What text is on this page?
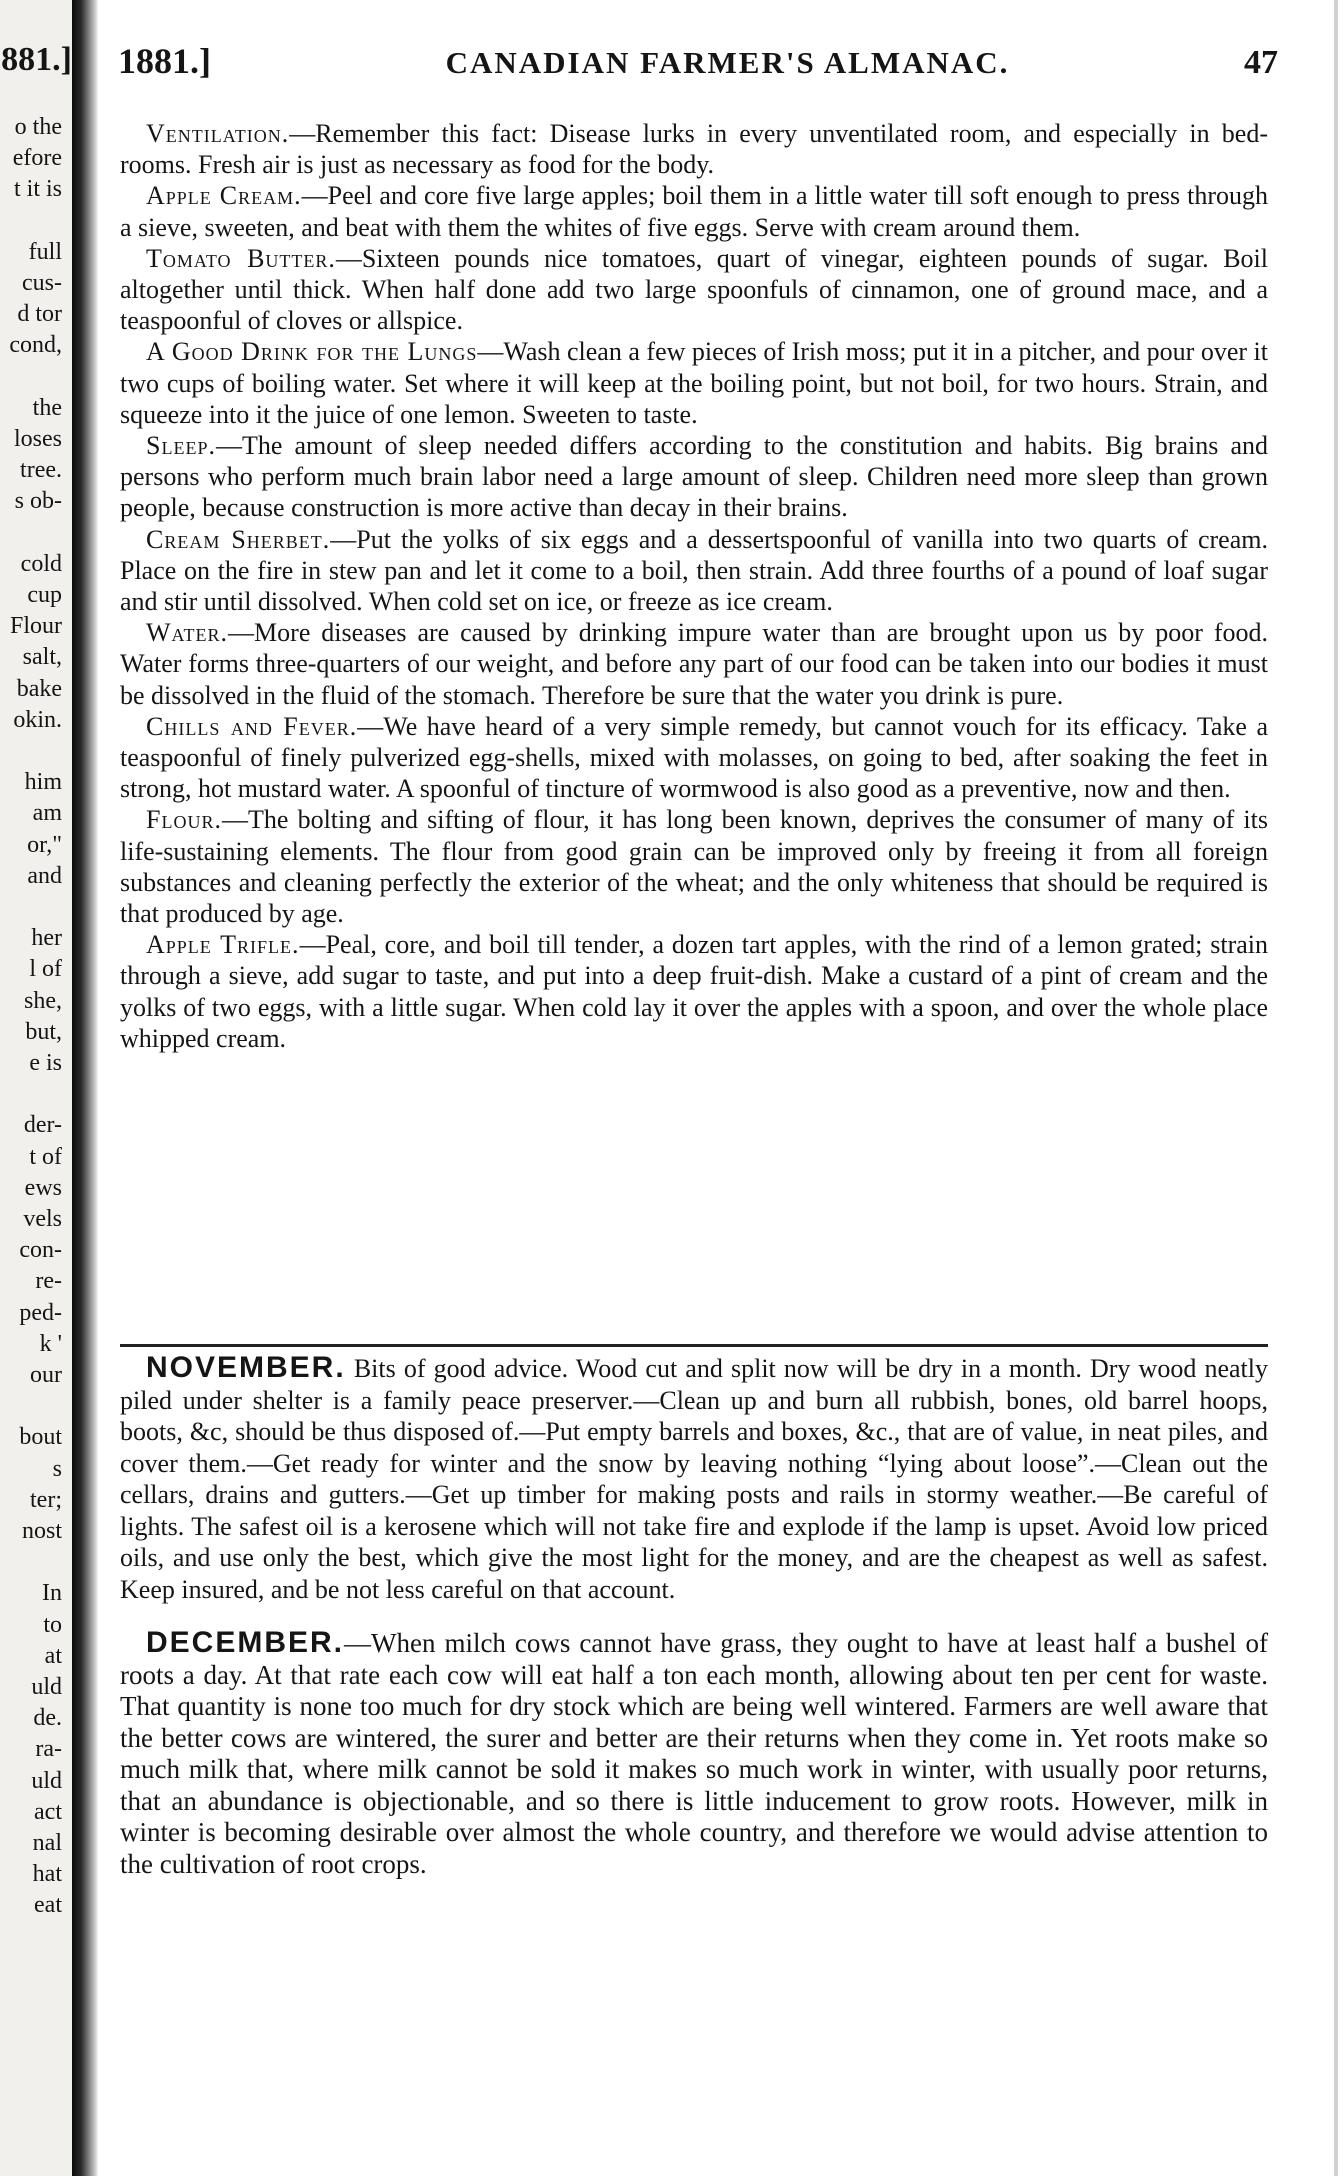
881.]
o the
efore
t it is
full
cus-
d tor
cond,
the
loses
tree.
s ob-
cold
cup
Flour
salt,
bake
okin.
him
am
or,"
and
her
l of
she,
but,
e is
der-
t of
ews
vels
con-
re-
ped-
k '
our
bout
s
ter;
nost
In
to
at
uld
de.
ra-
uld
act
nal
hat
eat
1881.]	CANADIAN FARMER'S ALMANAC.	47

Ventilation.—Remember this fact: Disease lurks in every unventilated room, and especially in bed-rooms. Fresh air is just as necessary as food for the body.

Apple Cream.—Peel and core five large apples; boil them in a little water till soft enough to press through a sieve, sweeten, and beat with them the whites of five eggs. Serve with cream around them.

Tomato Butter.—Sixteen pounds nice tomatoes, quart of vinegar, eighteen pounds of sugar. Boil altogether until thick. When half done add two large spoonfuls of cinnamon, one of ground mace, and a teaspoonful of cloves or allspice.

A Good Drink for the Lungs—Wash clean a few pieces of Irish moss; put it in a pitcher, and pour over it two cups of boiling water. Set where it will keep at the boiling point, but not boil, for two hours. Strain, and squeeze into it the juice of one lemon. Sweeten to taste.

Sleep.—The amount of sleep needed differs according to the constitution and habits. Big brains and persons who perform much brain labor need a large amount of sleep. Children need more sleep than grown people, because construction is more active than decay in their brains.

Cream Sherbet.—Put the yolks of six eggs and a dessertspoonful of vanilla into two quarts of cream. Place on the fire in stew pan and let it come to a boil, then strain. Add three fourths of a pound of loaf sugar and stir until dissolved. When cold set on ice, or freeze as ice cream.

Water.—More diseases are caused by drinking impure water than are brought upon us by poor food. Water forms three-quarters of our weight, and before any part of our food can be taken into our bodies it must be dissolved in the fluid of the stomach. Therefore be sure that the water you drink is pure.

Chills and Fever.—We have heard of a very simple remedy, but cannot vouch for its efficacy. Take a teaspoonful of finely pulverized egg-shells, mixed with molasses, on going to bed, after soaking the feet in strong, hot mustard water. A spoonful of tincture of wormwood is also good as a preventive, now and then.

Flour.—The bolting and sifting of flour, it has long been known, deprives the consumer of many of its life-sustaining elements. The flour from good grain can be improved only by freeing it from all foreign substances and cleaning perfectly the exterior of the wheat; and the only whiteness that should be required is that produced by age.

Apple Trifle.—Peal, core, and boil till tender, a dozen tart apples, with the rind of a lemon grated; strain through a sieve, add sugar to taste, and put into a deep fruit-dish. Make a custard of a pint of cream and the yolks of two eggs, with a little sugar. When cold lay it over the apples with a spoon, and over the whole place whipped cream.

NOVEMBER. Bits of good advice. Wood cut and split now will be dry in a month. Dry wood neatly piled under shelter is a family peace preserver.—Clean up and burn all rubbish, bones, old barrel hoops, boots, &c, should be thus disposed of.—Put empty barrels and boxes, &c., that are of value, in neat piles, and cover them.—Get ready for winter and the snow by leaving nothing “lying about loose”.—Clean out the cellars, drains and gutters.—Get up timber for making posts and rails in stormy weather.—Be careful of lights. The safest oil is a kerosene which will not take fire and explode if the lamp is upset. Avoid low priced oils, and use only the best, which give the most light for the money, and are the cheapest as well as safest. Keep insured, and be not less careful on that account.

DECEMBER.—When milch cows cannot have grass, they ought to have at least half a bushel of roots a day. At that rate each cow will eat half a ton each month, allowing about ten per cent for waste. That quantity is none too much for dry stock which are being well wintered. Farmers are well aware that the better cows are wintered, the surer and better are their returns when they come in. Yet roots make so much milk that, where milk cannot be sold it makes so much work in winter, with usually poor returns, that an abundance is objectionable, and so there is little inducement to grow roots. However, milk in winter is becoming desirable over almost the whole country, and therefore we would advise attention to the cultivation of root crops.
